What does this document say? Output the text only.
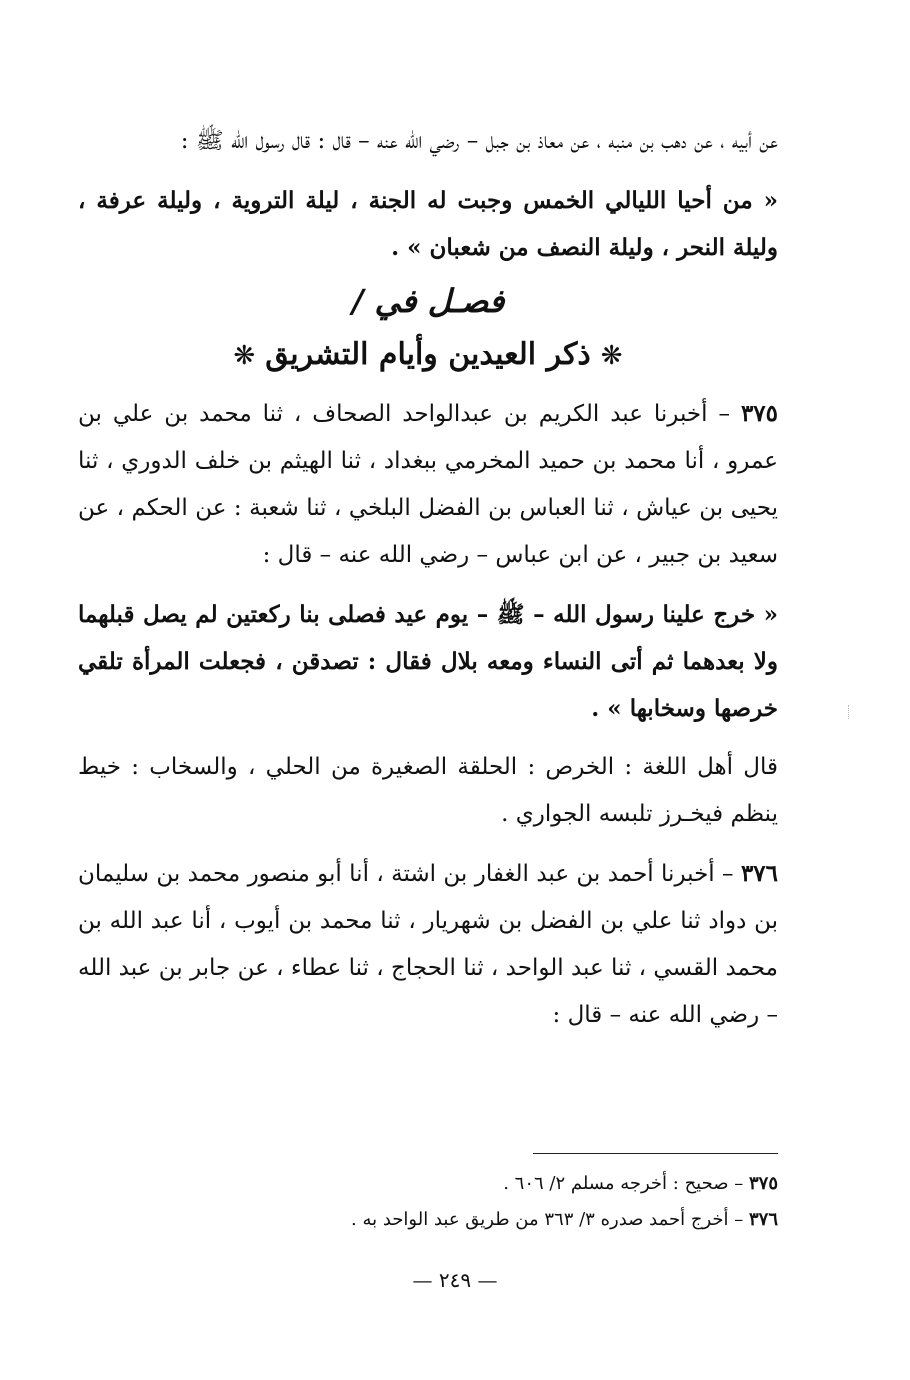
عن أبيه ، عن دهب بن منبه ، عن معاذ بن جبل – رضي الله عنه – قال : قال رسول الله ﷺ :

« من أحيا الليالي الخمس وجبت له الجنة ، ليلة التروية ، وليلة عرفة ، وليلة النحر ، وليلة النصف من شعبان » .

فصـل في /
❋ذكر العيدين وأيام التشريق❋

٣٧٥ – أخبرنا عبد الكريم بن عبدالواحد الصحاف ، ثنا محمد بن علي بن عمرو ، أنا محمد بن حميد المخرمي ببغداد ، ثنا الهيثم بن خلف الدوري ، ثنا يحيى بن عياش ، ثنا العباس بن الفضل البلخي ، ثنا شعبة : عن الحكم ، عن سعيد بن جبير ، عن ابن عباس – رضي الله عنه – قال :

« خرج علينا رسول الله – ﷺ – يوم عيد فصلى بنا ركعتين لم يصل قبلهما ولا بعدهما ثم أتى النساء ومعه بلال فقال : تصدقن ، فجعلت المرأة تلقي خرصها وسخابها » .

قال أهل اللغة : الخرص : الحلقة الصغيرة من الحلي ، والسخاب : خيط ينظم فيخـرز تلبسه الجواري .

٣٧٦ – أخبرنا أحمد بن عبد الغفار بن اشتة ، أنا أبو منصور محمد بن سليمان بن دواد ثنا علي بن الفضل بن شهريار ، ثنا محمد بن أيوب ، أنا عبد الله بن محمد القسي ، ثنا عبد الواحد ، ثنا الحجاج ، ثنا عطاء ، عن جابر بن عبد الله – رضي الله عنه – قال :

٣٧٥ – صحيح : أخرجه مسلم ٢/ ٦٠٦ .
٣٧٦ – أخرج أحمد صدره ٣/ ٣٦٣ من طريق عبد الواحد به .
— ٢٤٩ —
